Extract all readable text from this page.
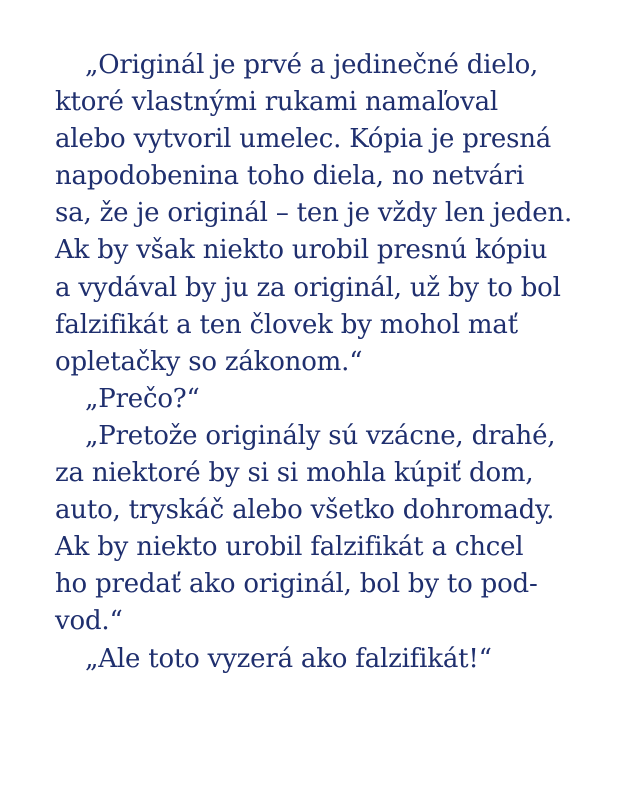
„Originál je prvé a jedinečné dielo,
ktoré vlastnými rukami namaľoval
alebo vytvoril umelec. Kópia je presná
napodobenina toho diela, no netvári
sa, že je originál – ten je vždy len jeden.
Ak by však niekto urobil presnú kópiu
a vydával by ju za originál, už by to bol
falzifikát a ten človek by mohol mať
opletačky so zákonom.“
„Prečo?“
„Pretože originály sú vzácne, drahé,
za niektoré by si si mohla kúpiť dom,
auto, tryskáč alebo všetko dohromady.
Ak by niekto urobil falzifikát a chcel
ho predať ako originál, bol by to pod-
vod.“
„Ale toto vyzerá ako falzifikát!“
